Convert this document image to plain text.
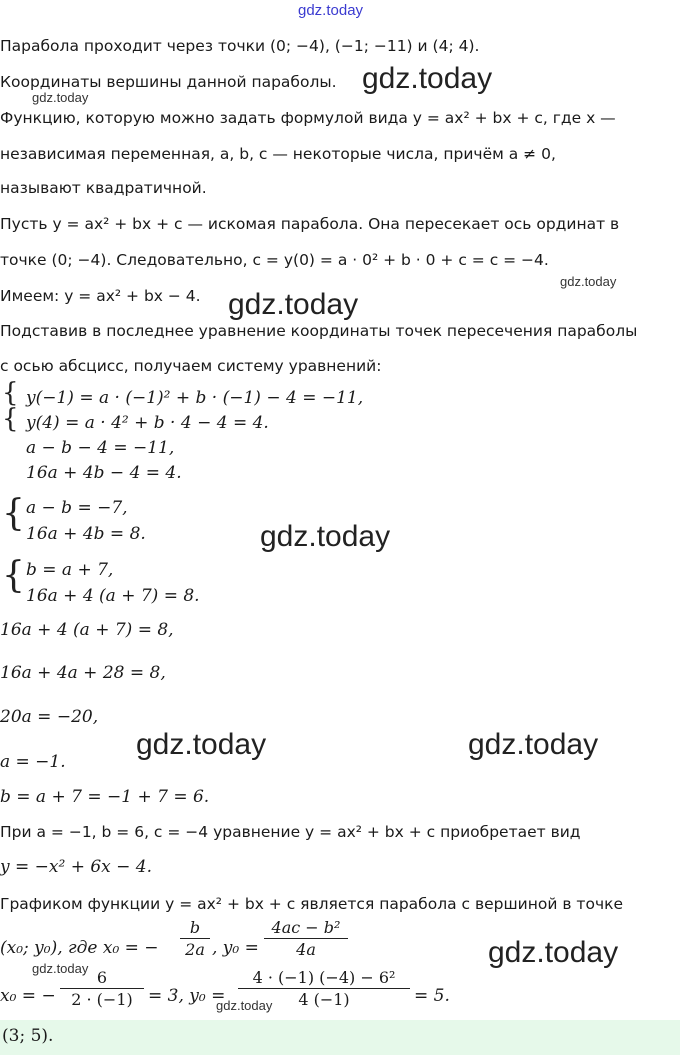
gdz.today
gdz.today
gdz.today
gdz.today
gdz.today
gdz.today
gdz.today	gdz.today
gdz.today
gdz.today
gdz.today
Парабола проходит через точки (0; −4), (−1; −11) и (4; 4).
Координаты вершины данной параболы.
Функцию, которую можно задать формулой вида y = ax² + bx + c, где x —
независимая переменная, a, b, c — некоторые числа, причём a ≠ 0,
называют квадратичной.
Пусть y = ax² + bx + c — искомая парабола. Она пересекает ось ординат в
точке (0; −4). Следовательно, c = y(0) = a · 0² + b · 0 + c = c = −4.
Имеем: y = ax² + bx − 4.
Подставив в последнее уравнение координаты точек пересечения параболы
с осью абсцисс, получаем систему уравнений:
{
{
y(−1) = a · (−1)² + b · (−1) − 4 = −11,
y(4) = a · 4² + b · 4 − 4 = 4.
a − b − 4 = −11,
16a + 4b − 4 = 4.
{ a − b = −7,
16a + 4b = 8.
{ b = a + 7,
16a + 4 (a + 7) = 8.
16a + 4 (a + 7) = 8,
16a + 4a + 28 = 8,
20a = −20,
a = −1.
b = a + 7 = −1 + 7 = 6.
При a = −1, b = 6, c = −4 уравнение y = ax² + bx + c приобретает вид
y = −x² + 6x − 4.
Графиком функции y = ax² + bx + c является парабола с вершиной в точке
(x₀; y₀), где x₀ = −
b
2a , y₀ =
4ac − b²
4a
x₀ = −
6
2 · (−1) = 3, y₀ =
4 · (−1) (−4) − 6²
4 (−1)	= 5.
(3; 5).
